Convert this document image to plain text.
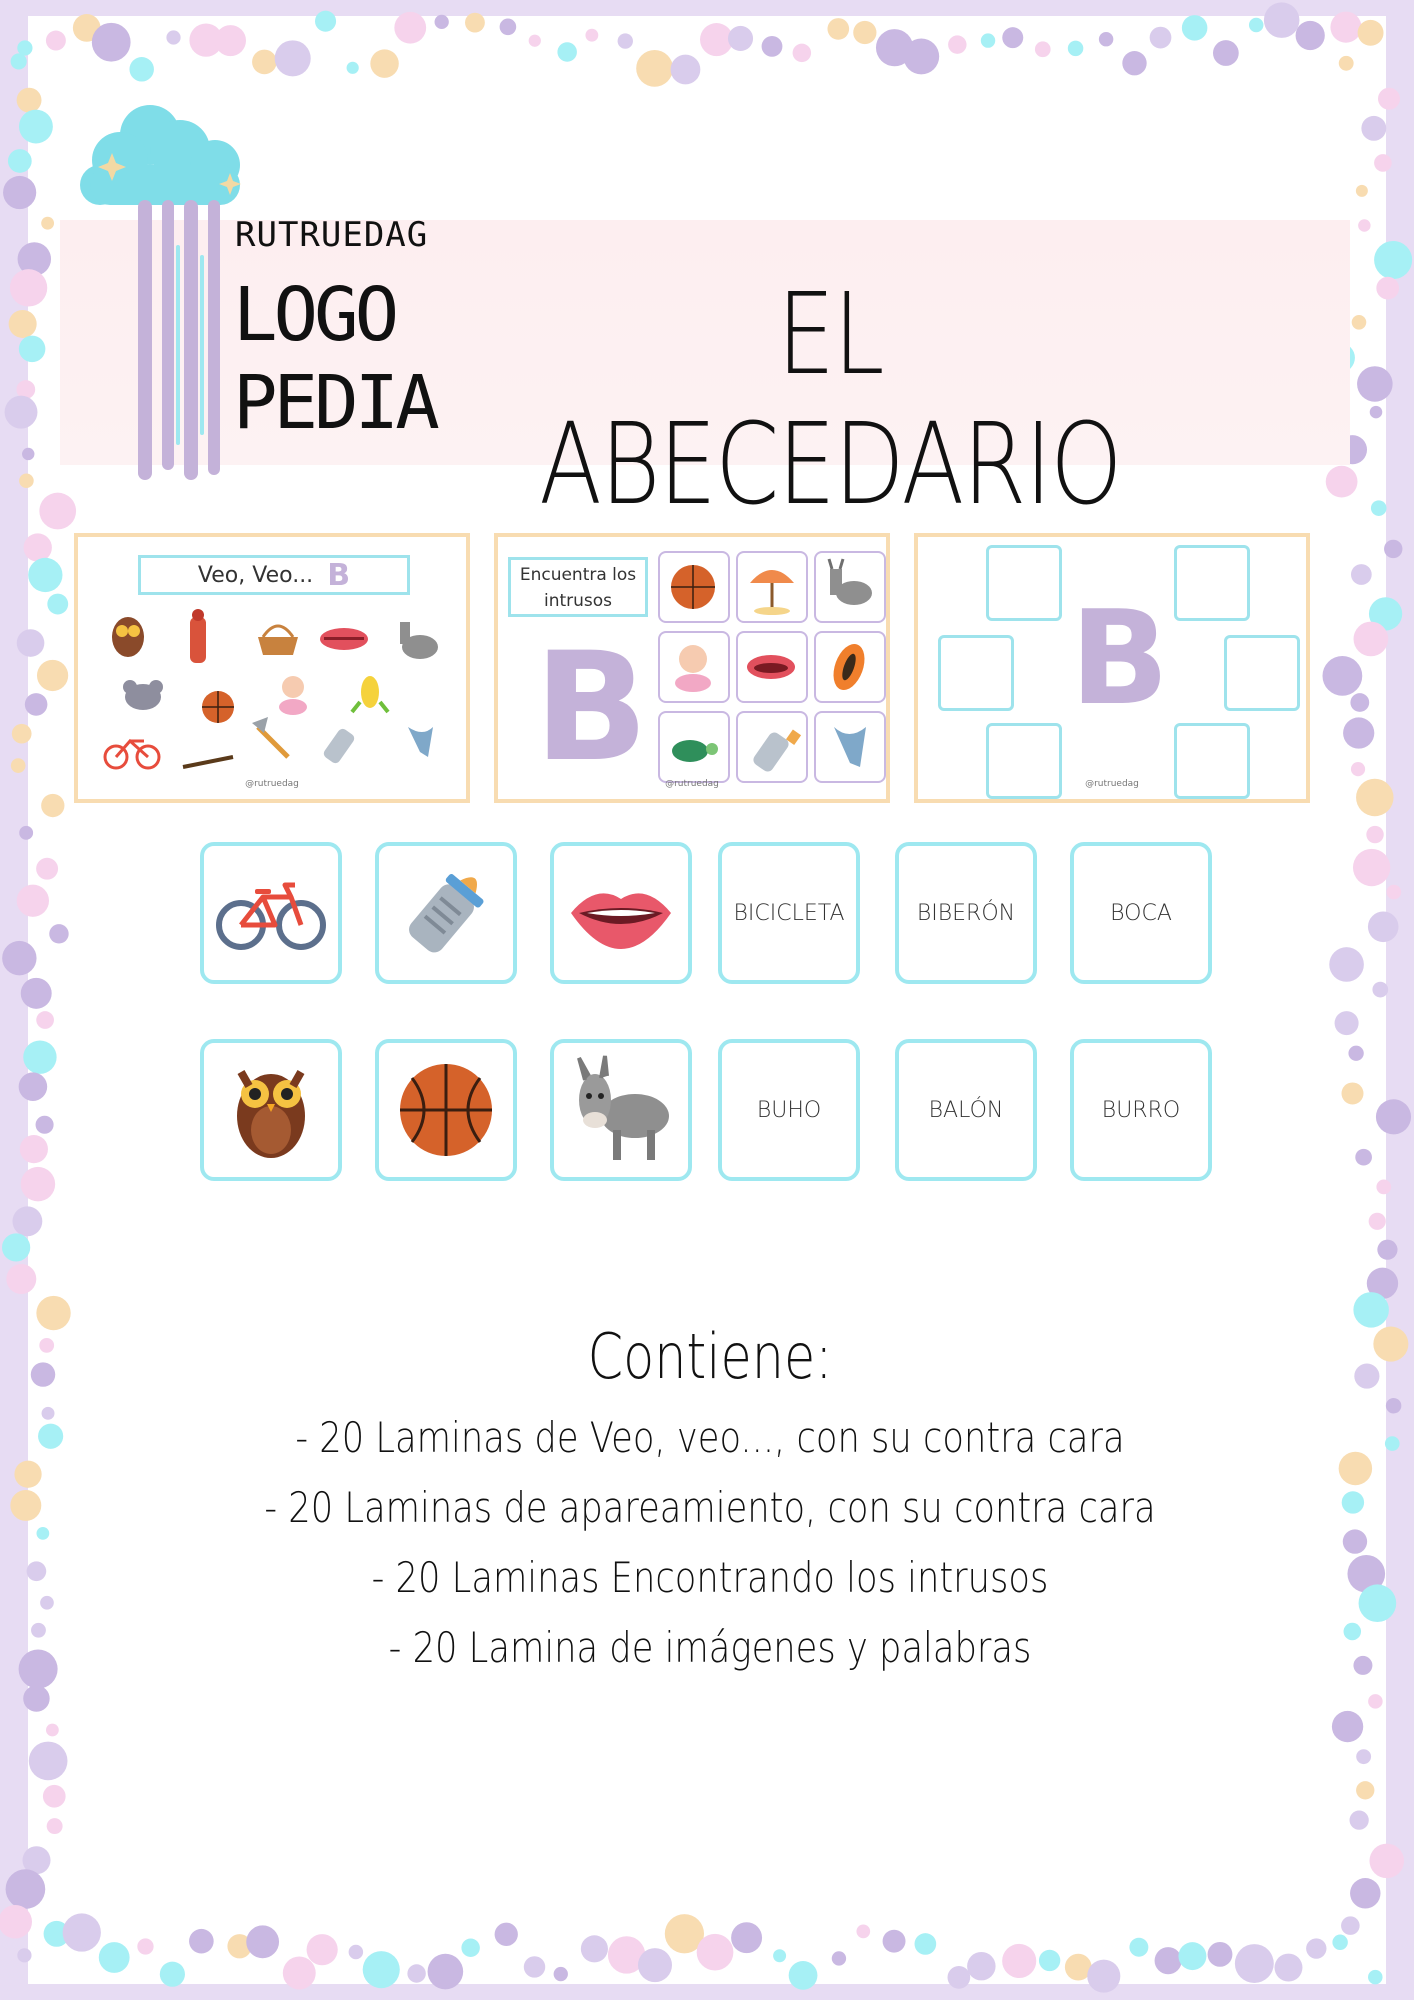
RUTRUEDAG
LOGO
PEDIA
EL ABECEDARIO
Veo, Veo... B
@rutruedag
Encuentra los
intrusos
B	@rutruedag
B
@rutruedag
BICICLETA	BIBERÓN	BOCA
BUHO	BALÓN	BURRO
Contiene:
- 20 Laminas de Veo, veo..., con su contra cara
- 20 Laminas de apareamiento, con su contra cara
- 20 Laminas Encontrando los intrusos
- 20 Lamina de imágenes y palabras
